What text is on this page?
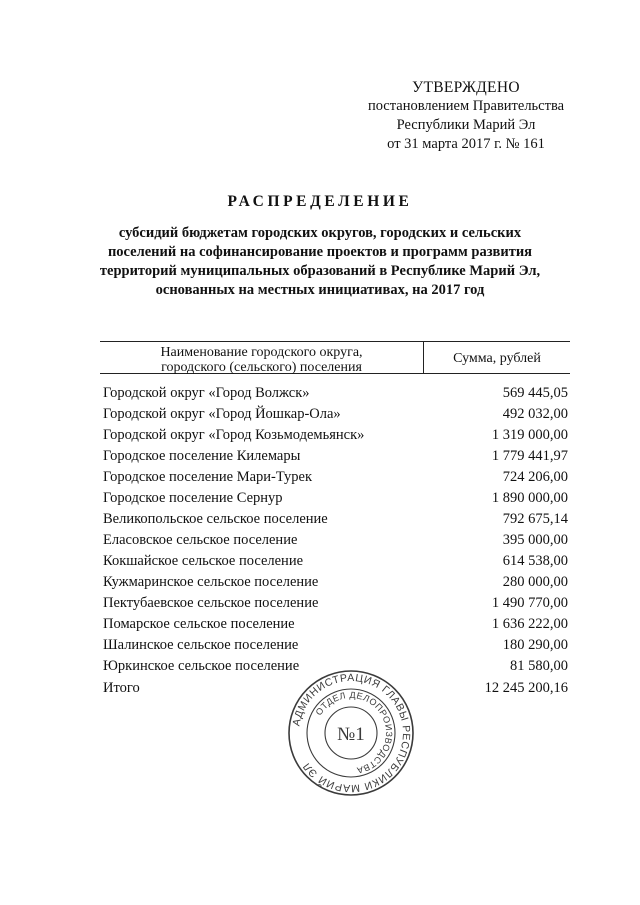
УТВЕРЖДЕНО
постановлением Правительства
Республики Марий Эл
от 31 марта 2017 г. № 161
РАСПРЕДЕЛЕНИЕ
субсидий бюджетам городских округов, городских и сельских
поселений на софинансирование проектов и программ развития
территорий муниципальных образований в Республике Марий Эл,
основанных на местных инициативах, на 2017 год
Наименование городского округа,
городского (сельского) поселения
Сумма, рублей
Городской округ «Город Волжск»	569 445,05
Городской округ «Город Йошкар-Ола»	492 032,00
Городской округ «Город Козьмодемьянск»	1 319 000,00
Городское поселение Килемары	1 779 441,97
Городское поселение Мари-Турек	724 206,00
Городское поселение Сернур	1 890 000,00
Великопольское сельское поселение	792 675,14
Еласовское сельское поселение	395 000,00
Кокшайское сельское поселение	614 538,00
Кужмаринское сельское поселение	280 000,00
Пектубаевское сельское поселение	1 490 770,00
Помарское сельское поселение	1 636 222,00
Шалинское сельское поселение	180 290,00
Юркинское сельское поселение	81 580,00
Итого	12 245 200,16
АДМИНИСТРАЦИЯ ГЛАВЫ РЕСПУБЛИКИ МАРИЙ ЭЛ
ОТДЕЛ ДЕЛОПРОИЗВОДСТВА
№1
